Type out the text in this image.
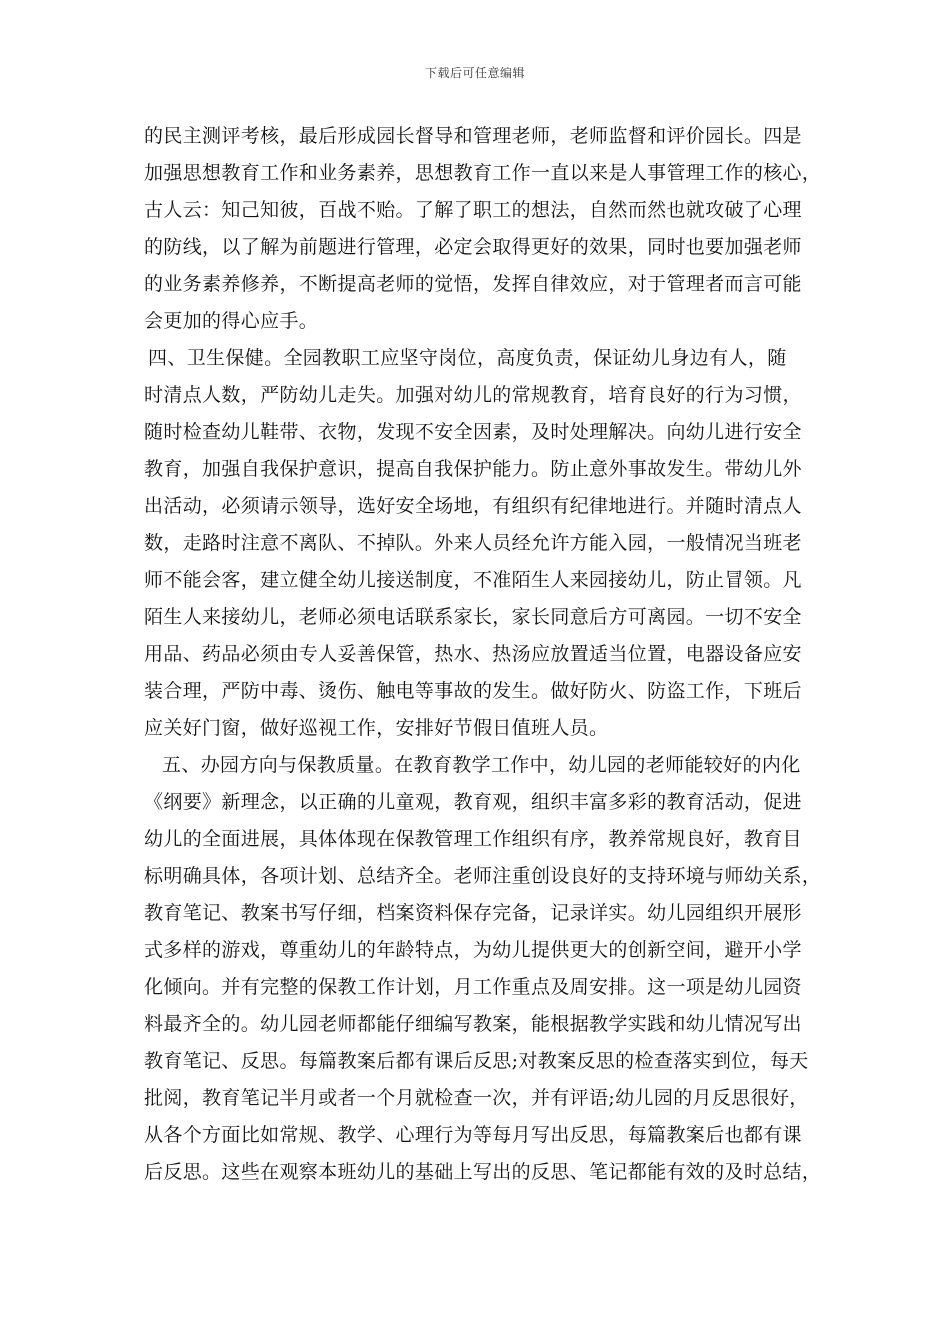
下载后可任意编辑
的民主测评考核，最后形成园长督导和管理老师，老师监督和评价园长。四是
加强思想教育工作和业务素养，思想教育工作一直以来是人事管理工作的核心，
古人云：知己知彼，百战不贻。了解了职工的想法，自然而然也就攻破了心理
的防线，以了解为前题进行管理，必定会取得更好的效果，同时也要加强老师
的业务素养修养，不断提高老师的觉悟，发挥自律效应，对于管理者而言可能
会更加的得心应手。
四、卫生保健。全园教职工应坚守岗位，高度负责，保证幼儿身边有人，随
时清点人数，严防幼儿走失。加强对幼儿的常规教育，培育良好的行为习惯，
随时检查幼儿鞋带、衣物，发现不安全因素，及时处理解决。向幼儿进行安全
教育，加强自我保护意识，提高自我保护能力。防止意外事故发生。带幼儿外
出活动，必须请示领导，选好安全场地，有组织有纪律地进行。并随时清点人
数，走路时注意不离队、不掉队。外来人员经允许方能入园，一般情况当班老
师不能会客，建立健全幼儿接送制度，不准陌生人来园接幼儿，防止冒领。凡
陌生人来接幼儿，老师必须电话联系家长，家长同意后方可离园。一切不安全
用品、药品必须由专人妥善保管，热水、热汤应放置适当位置，电器设备应安
装合理，严防中毒、烫伤、触电等事故的发生。做好防火、防盗工作，下班后
应关好门窗，做好巡视工作，安排好节假日值班人员。
五、办园方向与保教质量。在教育教学工作中，幼儿园的老师能较好的内化
《纲要》新理念，以正确的儿童观，教育观，组织丰富多彩的教育活动，促进
幼儿的全面进展，具体体现在保教管理工作组织有序，教养常规良好，教育目
标明确具体，各项计划、总结齐全。老师注重创设良好的支持环境与师幼关系，
教育笔记、教案书写仔细，档案资料保存完备，记录详实。幼儿园组织开展形
式多样的游戏，尊重幼儿的年龄特点，为幼儿提供更大的创新空间，避开小学
化倾向。并有完整的保教工作计划，月工作重点及周安排。这一项是幼儿园资
料最齐全的。幼儿园老师都能仔细编写教案，能根据教学实践和幼儿情况写出
教育笔记、反思。每篇教案后都有课后反思;对教案反思的检查落实到位，每天
批阅，教育笔记半月或者一个月就检查一次，并有评语;幼儿园的月反思很好，
从各个方面比如常规、教学、心理行为等每月写出反思，每篇教案后也都有课
后反思。这些在观察本班幼儿的基础上写出的反思、笔记都能有效的及时总结，
